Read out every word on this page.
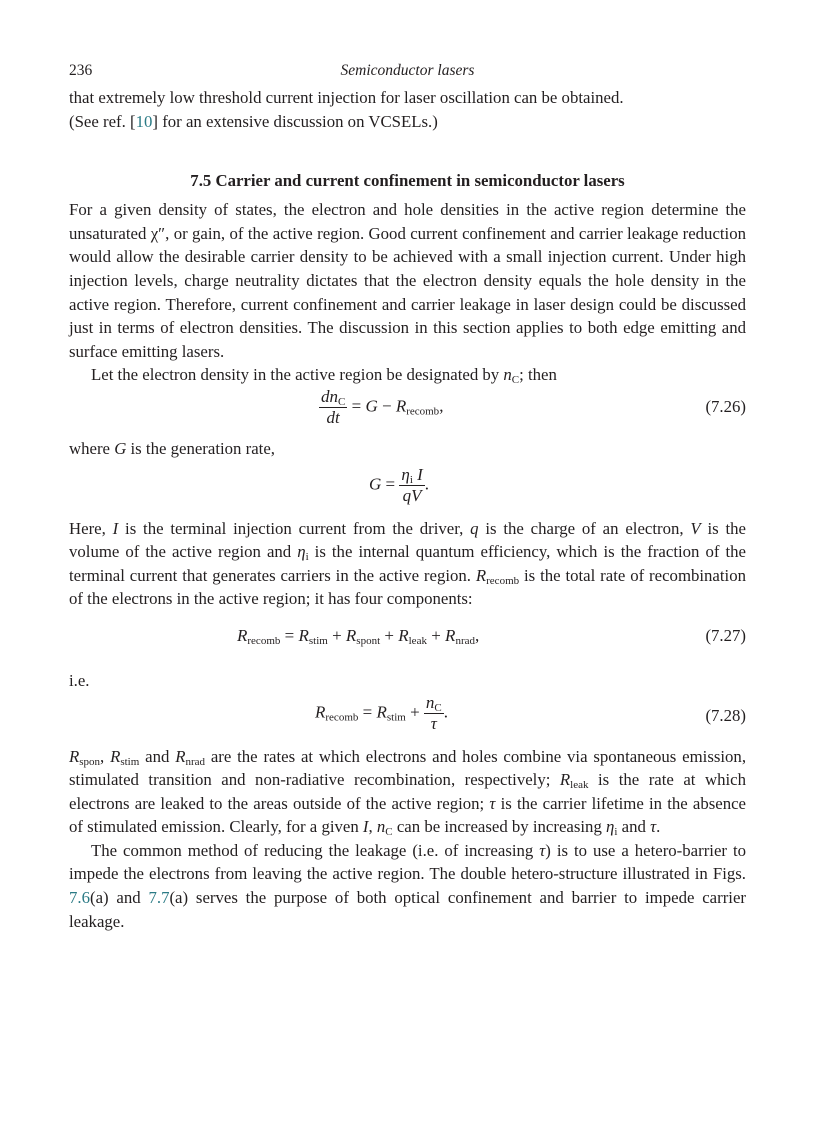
236	Semiconductor lasers

that extremely low threshold current injection for laser oscillation can be obtained.
(See ref. [10] for an extensive discussion on VCSELs.)

7.5 Carrier and current confinement in semiconductor lasers

For a given density of states, the electron and hole densities in the active region determine the unsaturated χ″, or gain, of the active region. Good current confinement and carrier leakage reduction would allow the desirable carrier density to be achieved with a small injection current. Under high injection levels, charge neutrality dictates that the electron density equals the hole density in the active region. Therefore, current confinement and carrier leakage in laser design could be discussed just in terms of electron densities. The discussion in this section applies to both edge emitting and surface emitting lasers.

Let the electron density in the active region be designated by $n_C$; then

$\frac{dn_C}{dt} = G - R_{recomb}$,	(7.26)

where G is the generation rate,

$G = \frac{\eta_i I}{qV}$ .

Here, I is the terminal injection current from the driver, q is the charge of an electron, V is the volume of the active region and $\eta_i$ is the internal quantum efficiency, which is the fraction of the terminal current that generates carriers in the active region. $R_{recomb}$ is the total rate of recombination of the electrons in the active region; it has four components:

$R_{recomb} = R_{stim} + R_{spont} + R_{leak} + R_{nrad}$,	(7.27)

i.e.

$R_{recomb} = R_{stim} + \frac{n_C}{\tau}$ .	(7.28)

$R_{spon}$, $R_{stim}$ and $R_{nrad}$ are the rates at which electrons and holes combine via spontaneous emission, stimulated transition and non-radiative recombination, respectively; $R_{leak}$ is the rate at which electrons are leaked to the areas outside of the active region; τ is the carrier lifetime in the absence of stimulated emission. Clearly, for a given I, $n_C$ can be increased by increasing $\eta_i$ and τ.

The common method of reducing the leakage (i.e. of increasing τ) is to use a hetero-barrier to impede the electrons from leaving the active region. The double hetero-structure illustrated in Figs. 7.6(a) and 7.7(a) serves the purpose of both optical confinement and barrier to impede carrier leakage.
